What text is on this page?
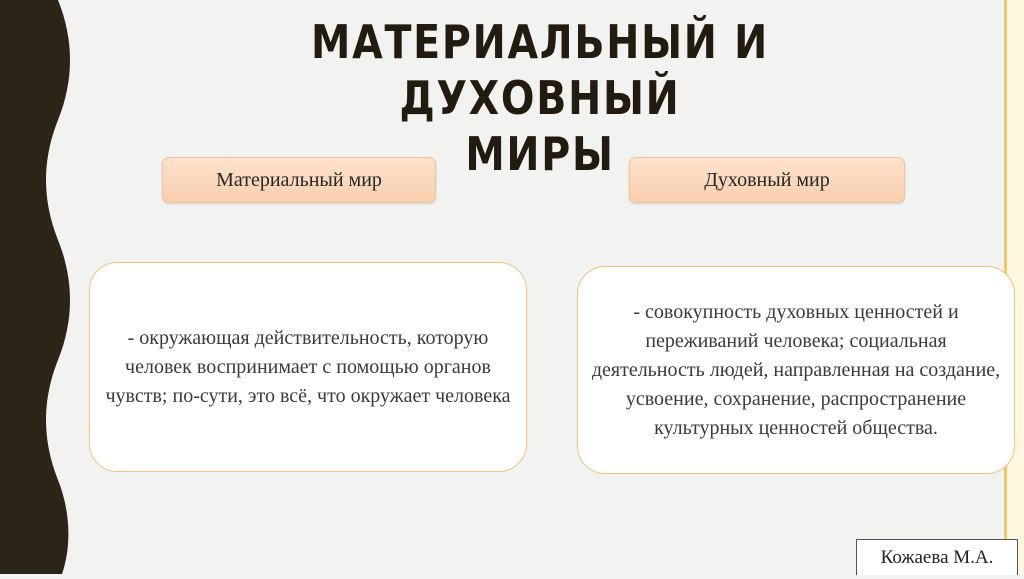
МАТЕРИАЛЬНЫЙ И ДУХОВНЫЙ
МИРЫ
Материальный мир	Духовный мир
- окружающая действительность, которую человек воспринимает с помощью органов чувств; по-сути, это всё, что окружает человека
- совокупность духовных ценностей и переживаний человека; социальная деятельность людей, направленная на создание, усвоение, сохранение, распространение культурных ценностей общества.
Кожаева М.А.
